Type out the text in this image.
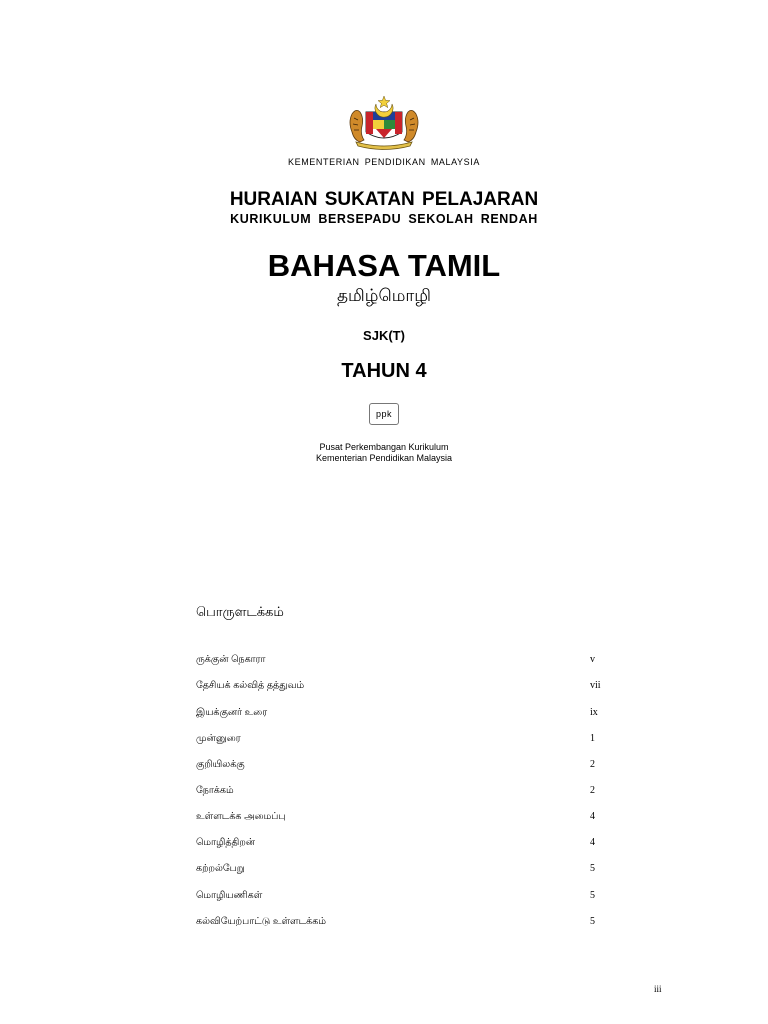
KEMENTERIAN PENDIDIKAN MALAYSIA
HURAIAN SUKATAN PELAJARAN
KURIKULUM BERSEPADU SEKOLAH RENDAH
BAHASA TAMIL
தமிழ்மொழி
SJK(T)
TAHUN 4
ppk
Pusat Perkembangan Kurikulum
Kementerian Pendidikan Malaysia
பொருளடக்கம்
ருக்குன் நெகாரா	v
தேசியக் கல்வித் தத்துவம்	vii
இயக்குனர் உரை	ix
முன்னுரை	1
குறியிலக்கு	2
நோக்கம்	2
உள்ளடக்க அமைப்பு	4
மொழித்திறன்	4
கற்றல்பேறு	5
மொழியணிகள்	5
கல்வியேற்பாட்டு உள்ளடக்கம்	5
iii
